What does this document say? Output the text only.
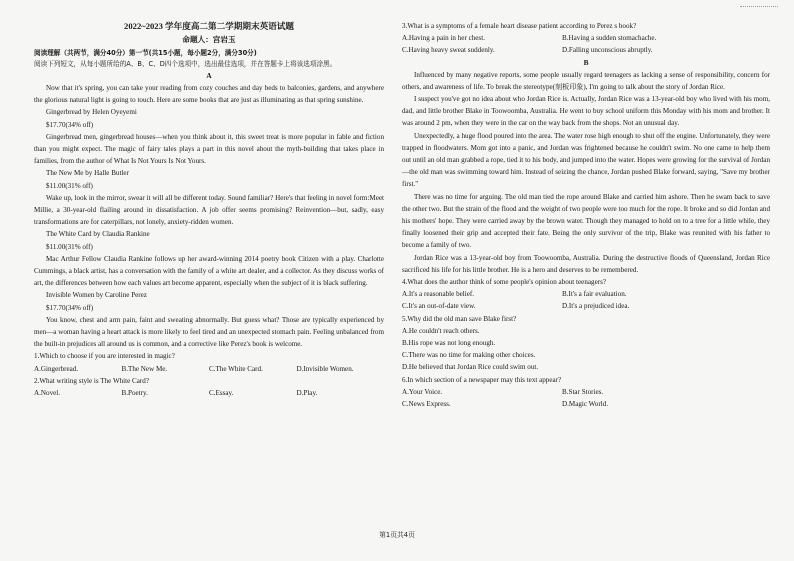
2022~2023 学年度高二第二学期期末英语试题

命题人：宫岩玉

阅读理解（共两节，满分40分）第一节(共15小题，每小题2分，满分30分)

阅读下列短文，从每小题所给的A、B、C、D四个选项中，选出最佳选项，并在答题卡上将该选项涂黑。

A

Now that it's spring, you can take your reading from cozy couches and day beds to balconies, gardens, and anywhere the glorious natural light is going to touch. Here are some books that are just as illuminating as that spring sunshine.

Gingerbread by Helen Oyeyemi

$17.70(34% off)

Gingerbread men, gingerbread houses—when you think about it, this sweet treat is more popular in fable and fiction than you might expect. The magic of fairy tales plays a part in this novel about the myth-building that takes place in families, from the author of What Is Not Yours Is Not Yours.

The New Me by Halle Butler

$11.00(31% off)

Wake up, look in the mirror, swear it will all be different today. Sound familiar? Here's that feeling in novel form:Meet Millie, a 30-year-old flailing around in dissatisfaction. A job offer seems promising? Reinvention—but, sadly, easy transformations are for caterpillars, not lonely, anxiety-ridden women.

The White Card by Claudia Rankine

$11.00(31% off)

Mac Arthur Fellow Claudia Rankine follows up her award-winning 2014 poetry book Citizen with a play. Charlotte Cummings, a black artist, has a conversation with the family of a white art dealer, and a collector. As they discuss works of art, the differences between how each values art become apparent, especially when the subject of it is black suffering.

Invisible Women by Caroline Perez

$17.70(34% off)

You know, chest and arm pain, faint and sweating abnormally. But guess what? Those are typically experienced by men—a woman having a heart attack is more likely to feel tired and an unexpected stomach pain. Feeling unbalanced from the built-in prejudices all around us is common, and a corrective like Perez's book is welcome.

1.Which to choose if you are interested in magic?

A.Gingerbread.	B.The New Me.	C.The White Card.	D.Invisible Women.

2.What writing style is The White Card?

A.Novel.	B.Poetry.	C.Essay.	D.Play.

3.What is a symptoms of a female heart disease patient according to Perez s book?

A.Having a pain in her chest.	B.Having a sudden stomachache.
C.Having heavy sweat suddenly.	D.Falling unconscious abruptly.

B

Influenced by many negative reports, some people usually regard teenagers as lacking a sense of responsibility, concern for others, and awareness of life. To break the stereotype(刻板印象), I'm going to talk about the story of Jordan Rice.

I suspect you've got no idea about who Jordan Rice is. Actually, Jordan Rice was a 13-year-old boy who lived with his mom, dad, and little brother Blake in Toowoomba, Australia. He went to buy school uniform this Monday with his mom and brother. It was around 2 pm, when they were in the car on the way back from the shops. Not an unusual day.

Unexpectedly, a huge flood poured into the area. The water rose high enough to shut off the engine. Unfortunately, they were trapped in floodwaters. Mom got into a panic, and Jordan was frightened because he couldn't swim. No one came to help them out until an old man grabbed a rope, tied it to his body, and jumped into the water. Hopes were growing for the survival of Jordan—the old man was swimming toward him. Instead of seizing the chance, Jordan pushed Blake forward, saying, "Save my brother first."

There was no time for arguing. The old man tied the rope around Blake and carried him ashore. Then he swam back to save the other two. But the strain of the flood and the weight of two people were too much for the rope. It broke and so did Jordan and his mothers' hope. They were carried away by the brown water. Though they managed to hold on to a tree for a little while, they finally loosened their grip and accepted their fate. Being the only survivor of the trip, Blake was reunited with his father to become a family of two.

Jordan Rice was a 13-year-old boy from Toowoomba, Australia. During the destructive floods of Queensland, Jordan Rice sacrificed his life for his little brother. He is a hero and deserves to be remembered.

4.What does the author think of some people's opinion about teenagers?

A.It's a reasonable belief.	B.It's a fair evaluation.
C.It's an out-of-date view.	D.It's a prejudiced idea.

5.Why did the old man save Blake first?

A.He couldn't reach others.

B.His rope was not long enough.

C.There was no time for making other choices.

D.He believed that Jordan Rice could swim out.

6.In which section of a newspaper may this text appear?

A.Your Voice.	B.Star Stories.
C.News Express.	D.Magic World.
第1页共4页
